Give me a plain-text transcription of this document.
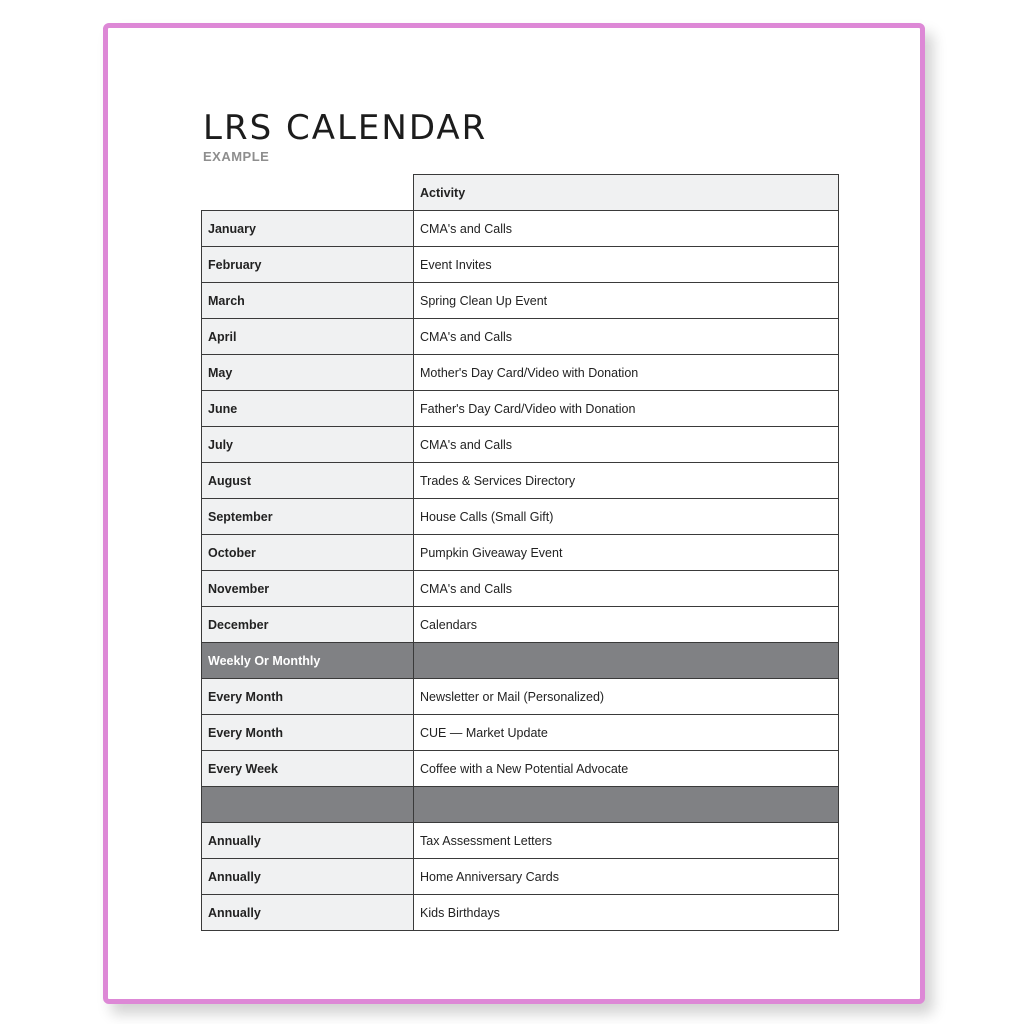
LRS CALENDAR
EXAMPLE
	Activity
January	CMA's and Calls
February	Event Invites
March	Spring Clean Up Event
April	CMA's and Calls
May	Mother's Day Card/Video with Donation
June	Father's Day Card/Video with Donation
July	CMA's and Calls
August	Trades & Services Directory
September	House Calls (Small Gift)
October	Pumpkin Giveaway Event
November	CMA's and Calls
December	Calendars
Weekly Or Monthly	
Every Month	Newsletter or Mail (Personalized)
Every Month	CUE — Market Update
Every Week	Coffee with a New Potential Advocate

Annually	Tax Assessment Letters
Annually	Home Anniversary Cards
Annually	Kids Birthdays
